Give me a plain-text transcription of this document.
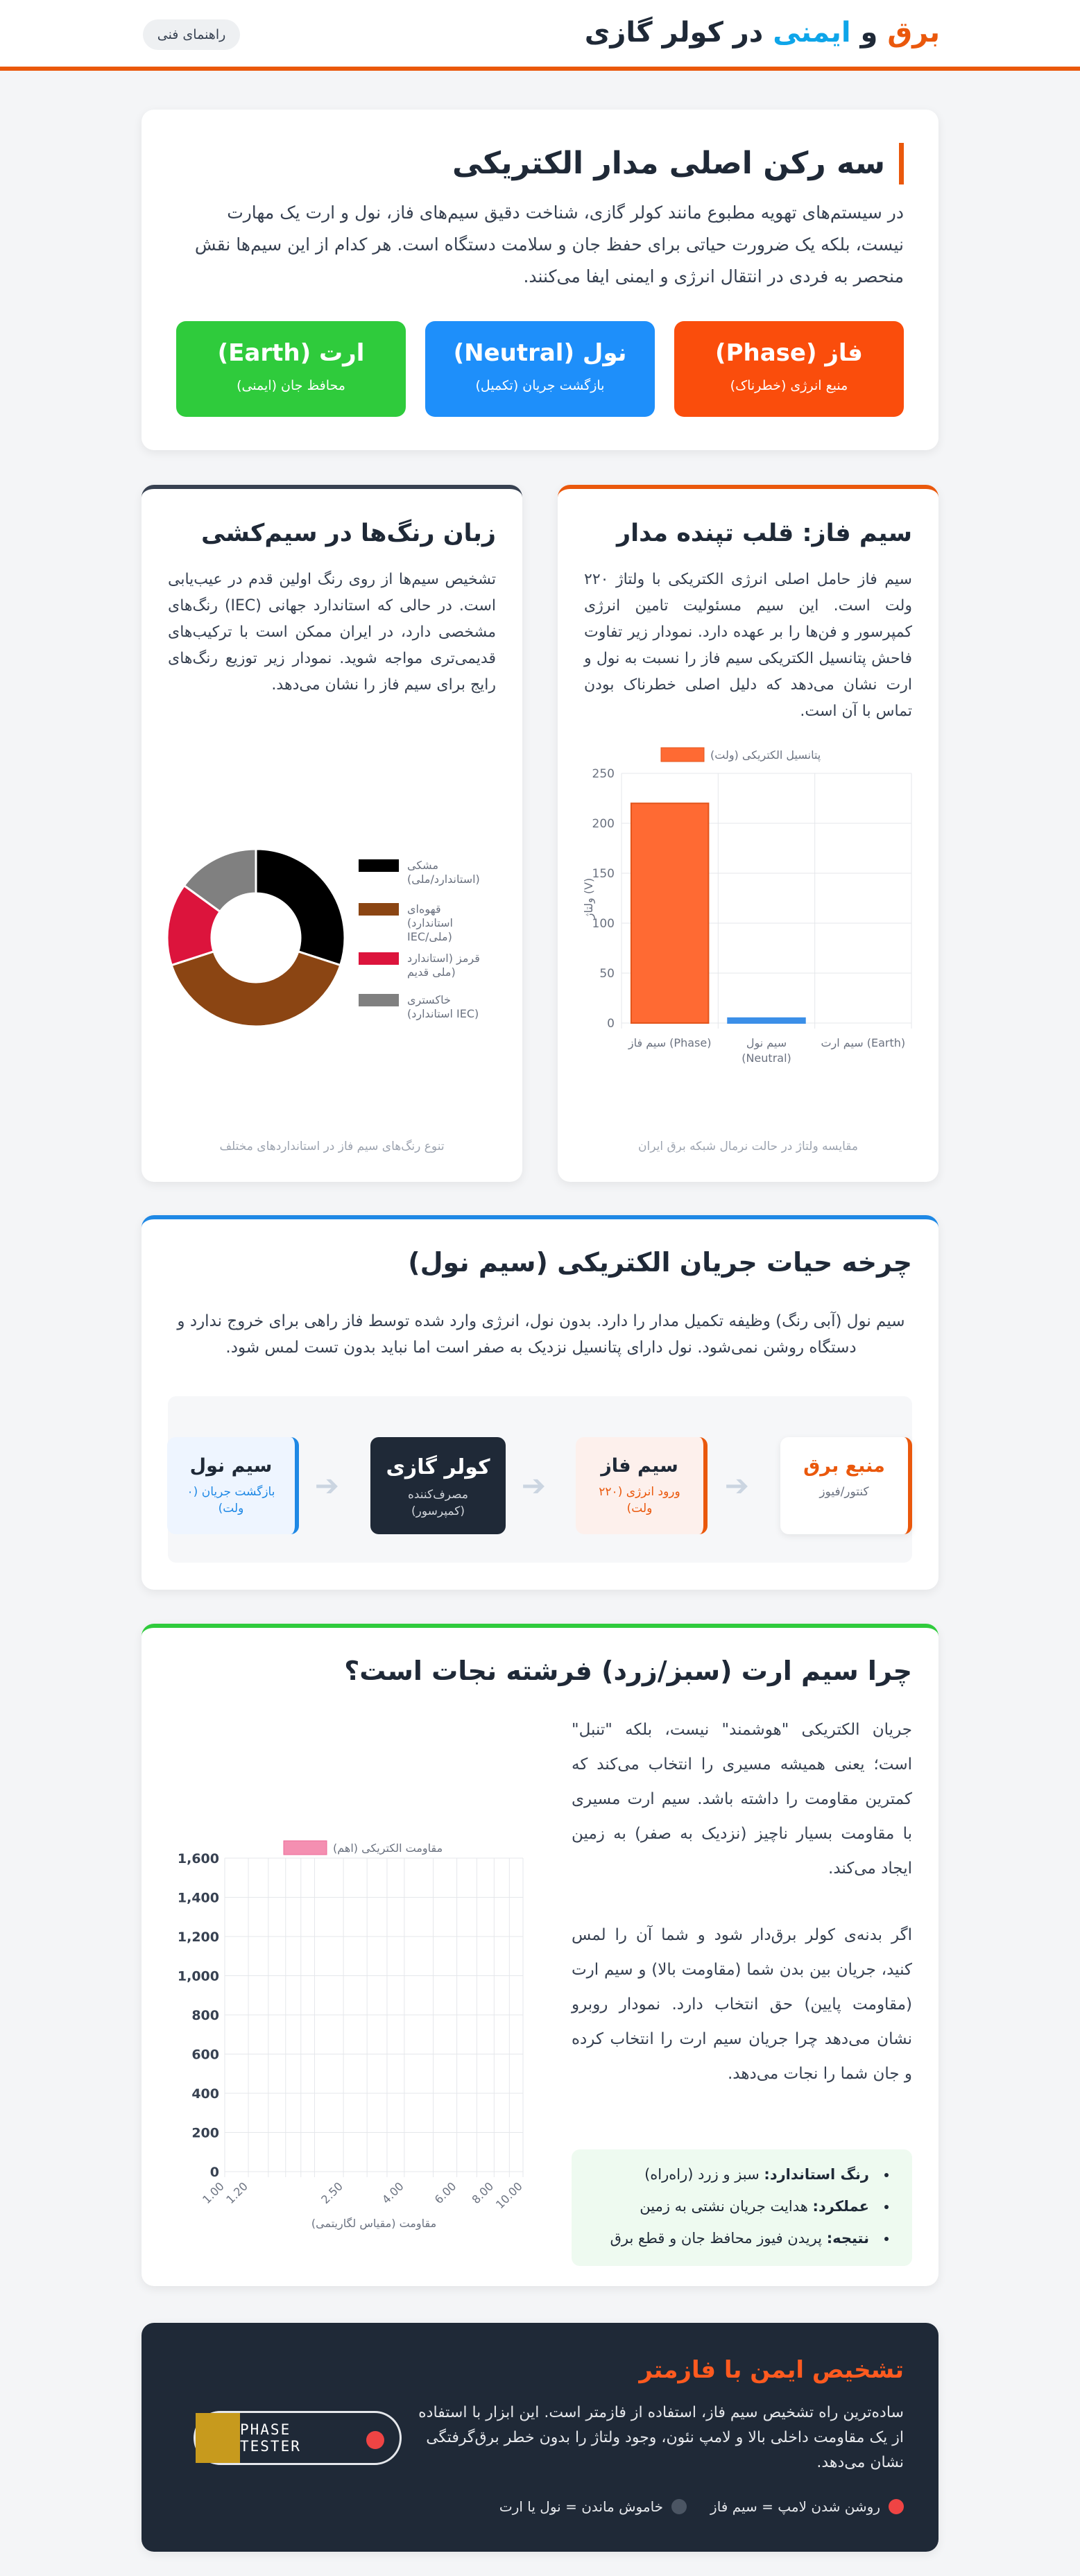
برق و ایمنی در کولر گازی
راهنمای فنی
سه رکن اصلی مدار الکتریکی
در سیستم‌های تهویه مطبوع مانند کولر گازی، شناخت دقیق سیم‌های فاز، نول و ارت یک مهارت نیست، بلکه یک ضرورت حیاتی برای حفظ جان و سلامت دستگاه است. هر کدام از این سیم‌ها نقش منحصر به فردی در انتقال انرژی و ایمنی ایفا می‌کنند.
فاز (Phase)
منبع انرژی (خطرناک)
نول (Neutral)
بازگشت جریان (تکمیل)
ارت (Earth)
محافظ جان (ایمنی)
سیم فاز: قلب تپنده مدار
سیم فاز حامل اصلی انرژی الکتریکی با ولتاژ ۲۲۰ ولت است. این سیم مسئولیت تامین انرژی کمپرسور و فن‌ها را بر عهده دارد. نمودار زیر تفاوت فاحش پتانسیل الکتریکی سیم فاز را نسبت به نول و ارت نشان می‌دهد که دلیل اصلی خطرناک بودن تماس با آن است.
پتانسیل الکتریکی (ولت)
0
50
100
150
200
250
ولتاژ (V)
سیم فاز (Phase)	سیم نول
(Neutral)
سیم ارت (Earth)
مقایسه ولتاژ در حالت نرمال شبکه برق ایران
زبان رنگ‌ها در سیم‌کشی
تشخیص سیم‌ها از روی رنگ اولین قدم در عیب‌یابی است. در حالی که استاندارد جهانی (IEC) رنگ‌های مشخصی دارد، در ایران ممکن است با ترکیب‌های قدیمی‌تری مواجه شوید. نمودار زیر توزیع رنگ‌های رایج برای سیم فاز را نشان می‌دهد.
مشکی
(استاندارد/ملی)
قهوه‌ای
(استاندارد
IEC/ملی)
قرمز (استاندارد
ملی قدیم)
خاکستری
(استاندارد IEC)
تنوع رنگ‌های سیم فاز در استانداردهای مختلف
چرخه حیات جریان الکتریکی (سیم نول)
سیم نول (آبی رنگ) وظیفه تکمیل مدار را دارد. بدون نول، انرژی وارد شده توسط فاز راهی برای خروج ندارد و دستگاه روشن نمی‌شود. نول دارای پتانسیل نزدیک به صفر است اما نباید بدون تست لمس شود.
منبع برق
کنتور/فیوز
➔
سیم فاز
ورود انرژی (۲۲۰ ولت)
➔
کولر گازی
مصرف‌کننده (کمپرسور)
➔
سیم نول
بازگشت جریان (۰ ولت)
چرا سیم ارت (سبز/زرد) فرشته نجات است؟
جریان الکتریکی "هوشمند" نیست، بلکه "تنبل" است؛ یعنی همیشه مسیری را انتخاب می‌کند که کمترین مقاومت را داشته باشد. سیم ارت مسیری با مقاومت بسیار ناچیز (نزدیک به صفر) به زمین ایجاد می‌کند.
اگر بدنه‌ی کولر برق‌دار شود و شما آن را لمس کنید، جریان بین بدن شما (مقاومت بالا) و سیم ارت (مقاومت پایین) حق انتخاب دارد. نمودار روبرو نشان می‌دهد چرا جریان سیم ارت را انتخاب کرده و جان شما را نجات می‌دهد.
• رنگ استاندارد: سبز و زرد (راه‌راه)
• عملکرد: هدایت جریان نشتی به زمین
• نتیجه: پریدن فیوز محافظ جان و قطع برق
مقاومت الکتریکی (اهم)
0
200
400
600
800
1,000
1,200
1,400
1,600
1.00
1.20	2.50	4.00 6.00 8.00
10.00
مقاومت (مقیاس لگاریتمی)
تشخیص ایمن با فازمتر
ساده‌ترین راه تشخیص سیم فاز، استفاده از فازمتر است. این ابزار با استفاده از یک مقاومت داخلی بالا و لامپ نئون، وجود ولتاژ را بدون خطر برق‌گرفتگی نشان می‌دهد.
روشن شدن لامپ = سیم فاز
خاموش ماندن = نول یا ارت
PHASE TESTER
